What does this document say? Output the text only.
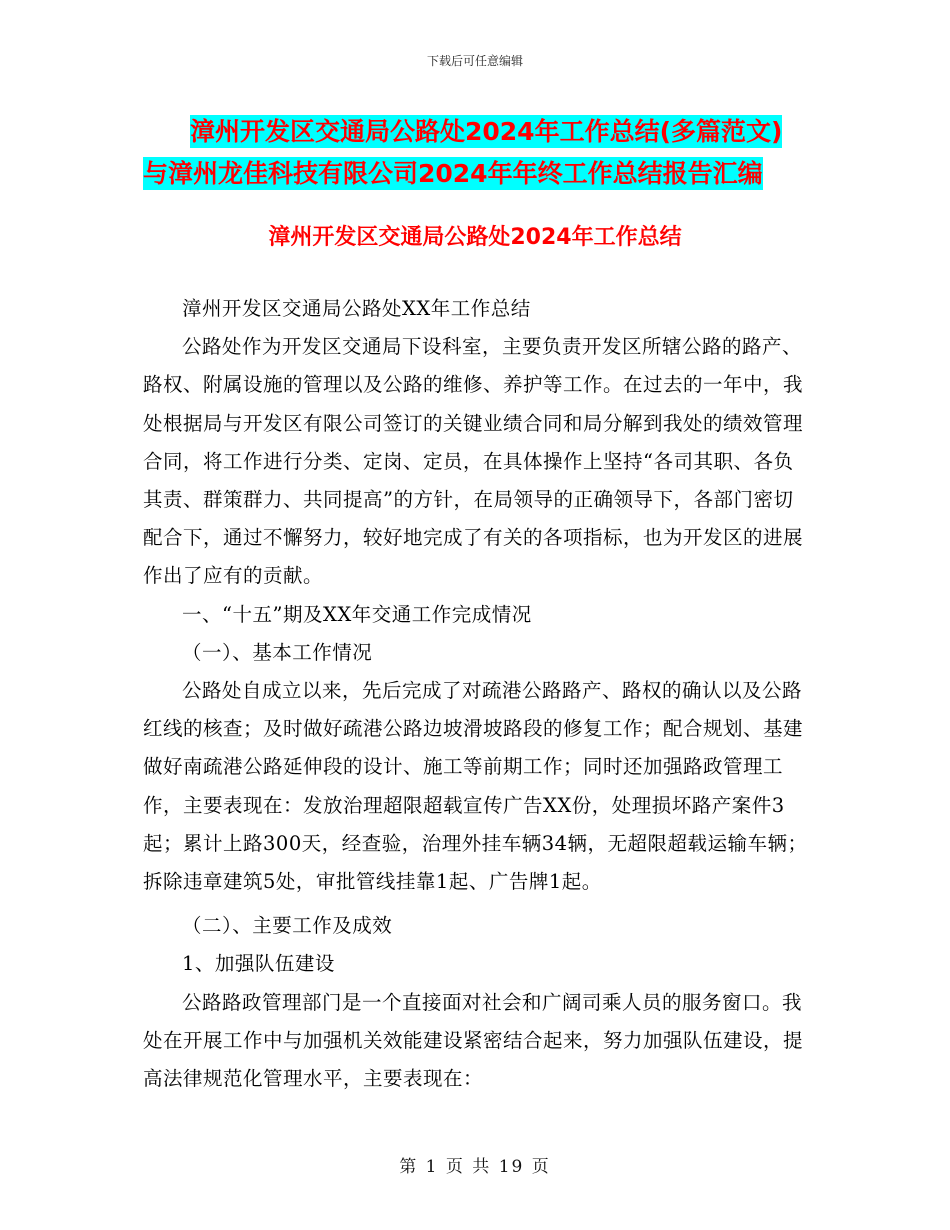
下载后可任意编辑
漳州开发区交通局公路处2024年工作总结(多篇范文)
与漳州龙佳科技有限公司2024年年终工作总结报告汇编
漳州开发区交通局公路处2024年工作总结

漳州开发区交通局公路处XX年工作总结

公路处作为开发区交通局下设科室，主要负责开发区所辖公路的路产、路权、附属设施的管理以及公路的维修、养护等工作。在过去的一年中，我处根据局与开发区有限公司签订的关键业绩合同和局分解到我处的绩效管理合同，将工作进行分类、定岗、定员，在具体操作上坚持“各司其职、各负其责、群策群力、共同提高”的方针，在局领导的正确领导下，各部门密切配合下，通过不懈努力，较好地完成了有关的各项指标，也为开发区的进展作出了应有的贡献。

一、“十五”期及XX年交通工作完成情况

（一）、基本工作情况

公路处自成立以来，先后完成了对疏港公路路产、路权的确认以及公路红线的核查；及时做好疏港公路边坡滑坡路段的修复工作；配合规划、基建做好南疏港公路延伸段的设计、施工等前期工作；同时还加强路政管理工作，主要表现在：发放治理超限超载宣传广告XX份，处理损坏路产案件3起；累计上路300天，经查验，治理外挂车辆34辆，无超限超载运输车辆；拆除违章建筑5处，审批管线挂靠1起、广告牌1起。

（二）、主要工作及成效

1、加强队伍建设

公路路政管理部门是一个直接面对社会和广阔司乘人员的服务窗口。我处在开展工作中与加强机关效能建设紧密结合起来，努力加强队伍建设，提高法律规范化管理水平，主要表现在：

第 1 页 共 19 页
